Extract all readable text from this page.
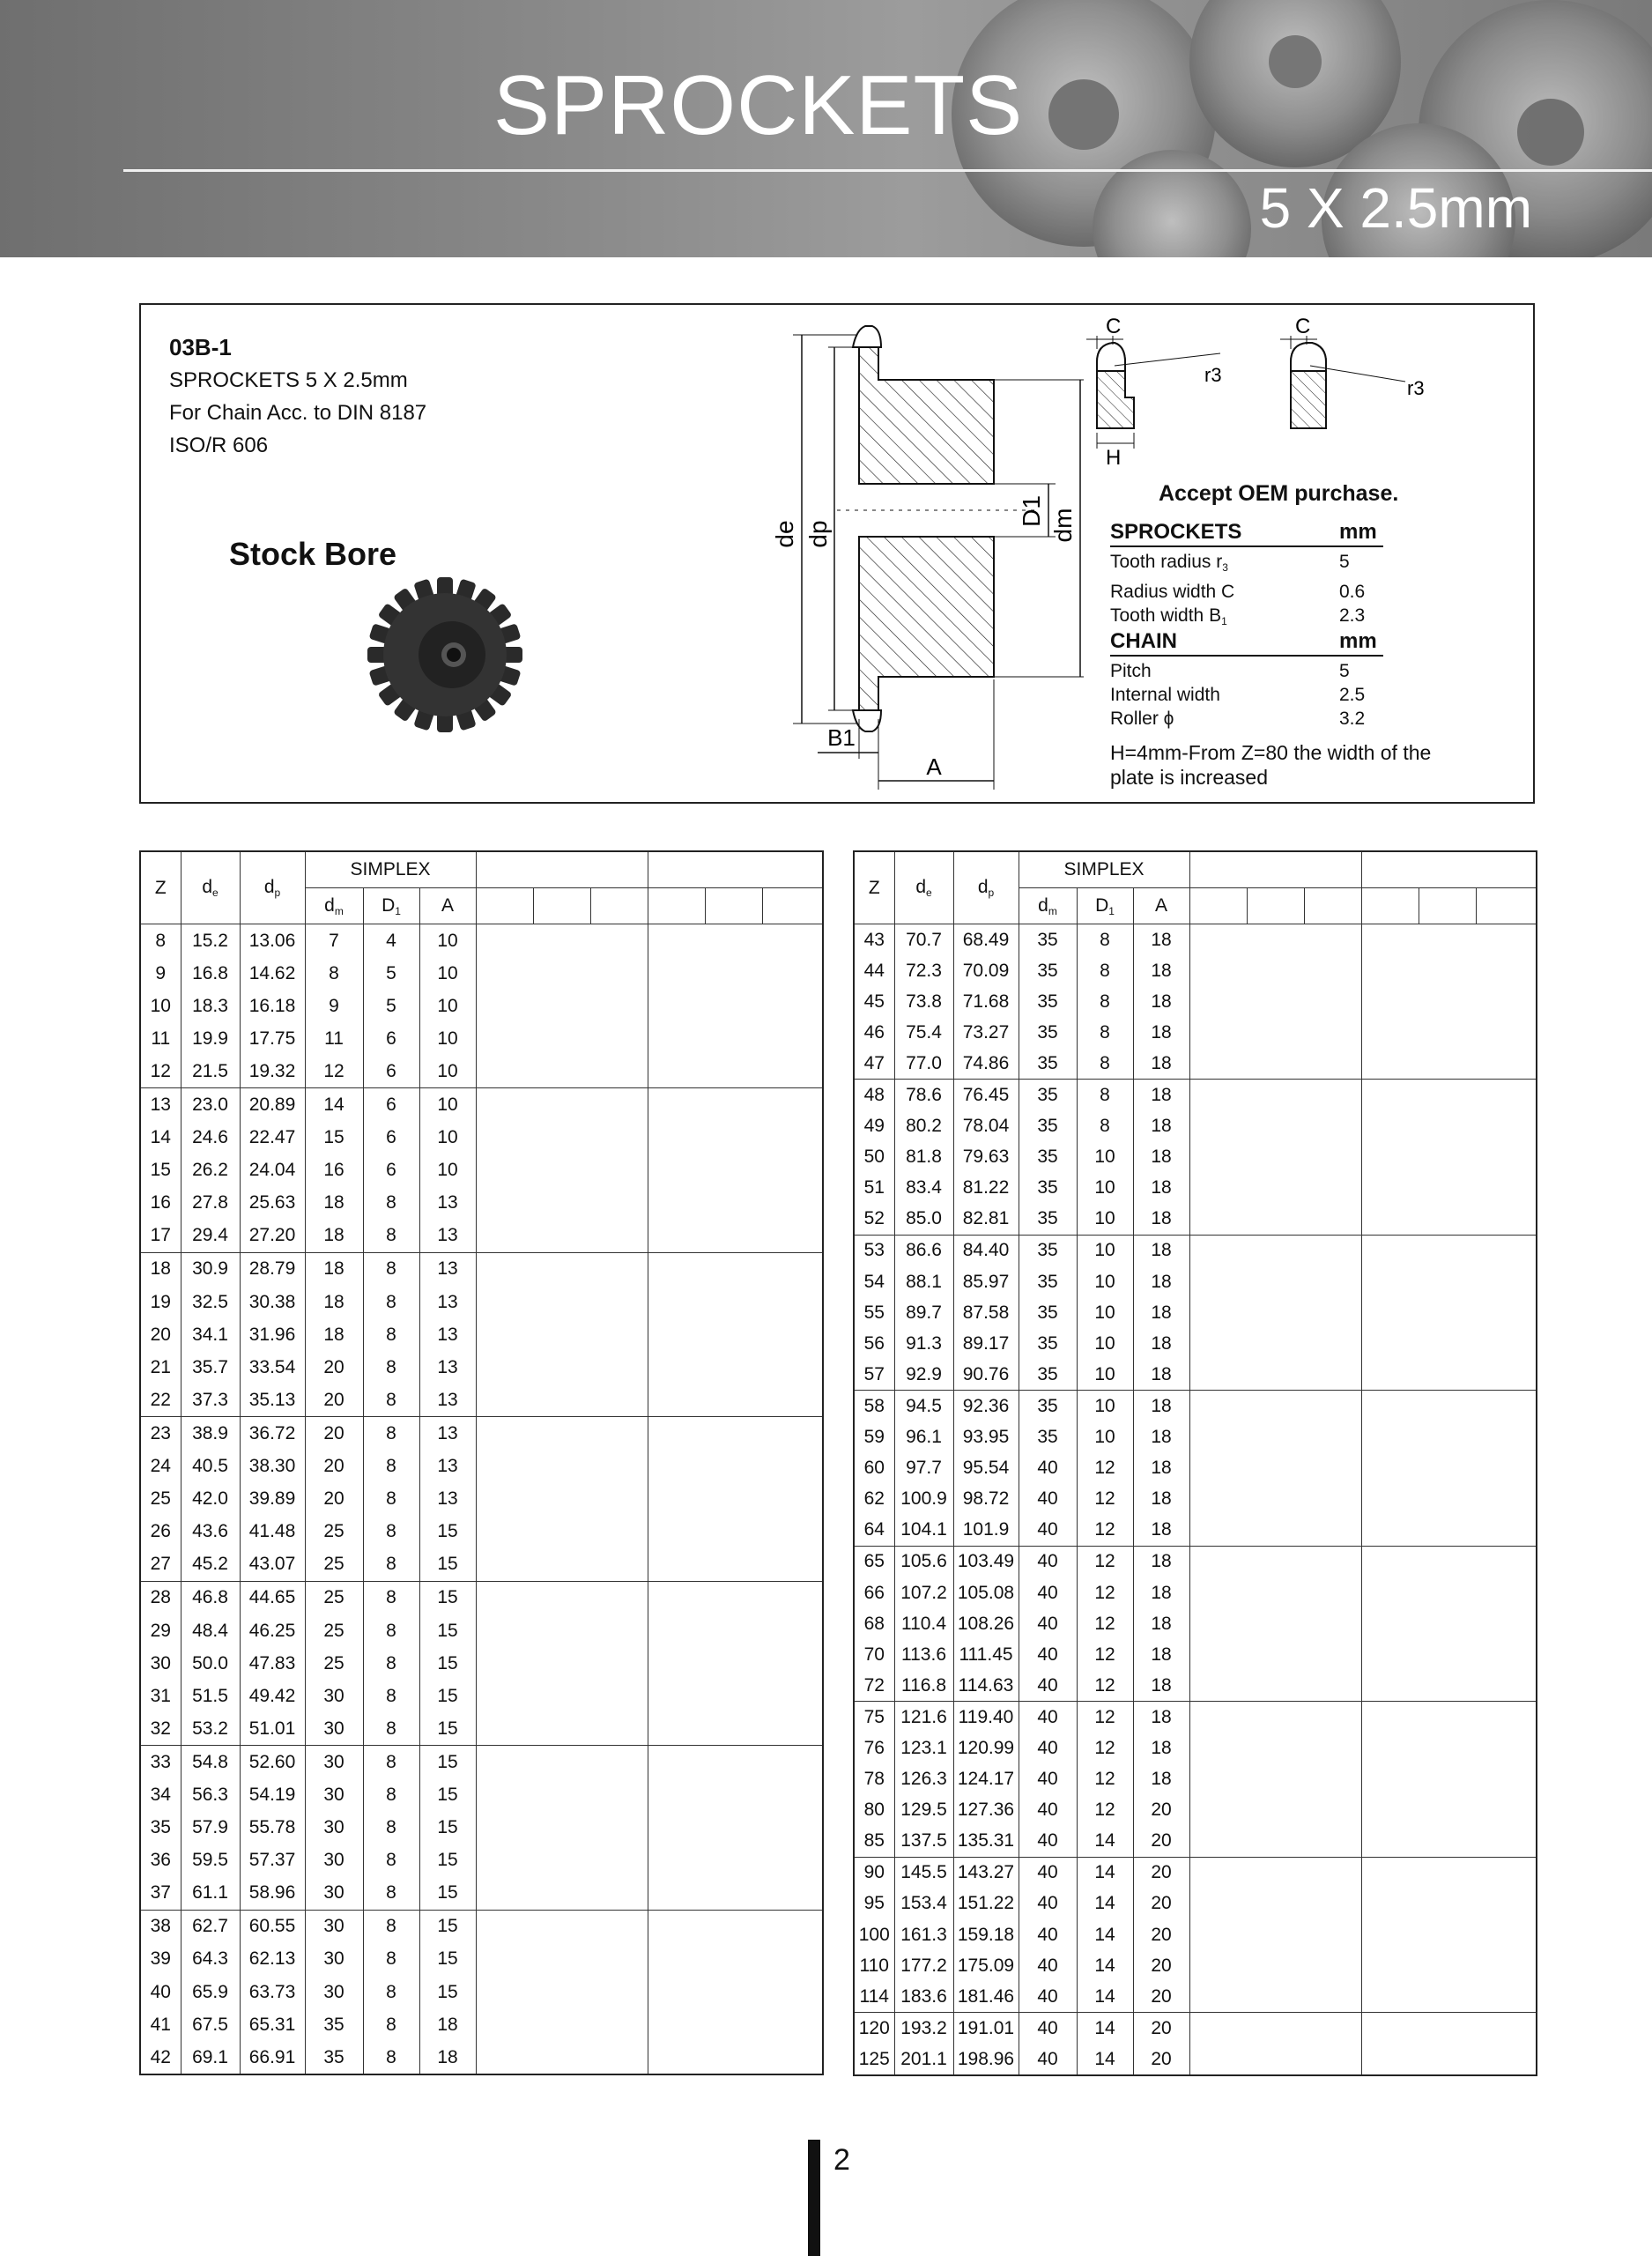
SPROCKETS
5 X 2.5mm
03B-1
SPROCKETS 5 X 2.5mm
For Chain Acc. to DIN 8187
ISO/R 606
Stock Bore
de dp
D1 dm
B1
A
C
r3
H
C
r3
Accept OEM purchase.
SPROCKETS	mm
Tooth radius $r_3$	5
Radius width C	0.6
Tooth width $B_1$	2.3
CHAIN	mm
Pitch	5
Internal width	2.5
Roller ϕ	3.2
H=4mm-From Z=80 the width of the plate is increased
Z	$d_e$	$d_p$	SIMPLEX								
			$d_m$	$D_1$	A						
8	15.2	13.06	7	4	10						
9	16.8	14.62	8	5	10						
10	18.3	16.18	9	5	10						
11	19.9	17.75	11	6	10						
12	21.5	19.32	12	6	10						
13	23.0	20.89	14	6	10						
14	24.6	22.47	15	6	10						
15	26.2	24.04	16	6	10						
16	27.8	25.63	18	8	13						
17	29.4	27.20	18	8	13						
18	30.9	28.79	18	8	13						
19	32.5	30.38	18	8	13						
20	34.1	31.96	18	8	13						
21	35.7	33.54	20	8	13						
22	37.3	35.13	20	8	13						
23	38.9	36.72	20	8	13						
24	40.5	38.30	20	8	13						
25	42.0	39.89	20	8	13						
26	43.6	41.48	25	8	15						
27	45.2	43.07	25	8	15						
28	46.8	44.65	25	8	15						
29	48.4	46.25	25	8	15						
30	50.0	47.83	25	8	15						
31	51.5	49.42	30	8	15						
32	53.2	51.01	30	8	15						
33	54.8	52.60	30	8	15						
34	56.3	54.19	30	8	15						
35	57.9	55.78	30	8	15						
36	59.5	57.37	30	8	15						
37	61.1	58.96	30	8	15						
38	62.7	60.55	30	8	15						
39	64.3	62.13	30	8	15						
40	65.9	63.73	30	8	15						
41	67.5	65.31	35	8	18						
42	69.1	66.91	35	8	18						
Z	$d_e$	$d_p$	SIMPLEX								
			$d_m$	$D_1$	A						
43	70.7	68.49	35	8	18						
44	72.3	70.09	35	8	18						
45	73.8	71.68	35	8	18						
46	75.4	73.27	35	8	18						
47	77.0	74.86	35	8	18						
48	78.6	76.45	35	8	18						
49	80.2	78.04	35	8	18						
50	81.8	79.63	35	10	18						
51	83.4	81.22	35	10	18						
52	85.0	82.81	35	10	18						
53	86.6	84.40	35	10	18						
54	88.1	85.97	35	10	18						
55	89.7	87.58	35	10	18						
56	91.3	89.17	35	10	18						
57	92.9	90.76	35	10	18						
58	94.5	92.36	35	10	18						
59	96.1	93.95	35	10	18						
60	97.7	95.54	40	12	18						
62	100.9	98.72	40	12	18						
64	104.1	101.9	40	12	18						
65	105.6	103.49	40	12	18						
66	107.2	105.08	40	12	18						
68	110.4	108.26	40	12	18						
70	113.6	111.45	40	12	18						
72	116.8	114.63	40	12	18						
75	121.6	119.40	40	12	18						
76	123.1	120.99	40	12	18						
78	126.3	124.17	40	12	18						
80	129.5	127.36	40	12	20						
85	137.5	135.31	40	14	20						
90	145.5	143.27	40	14	20						
95	153.4	151.22	40	14	20						
100	161.3	159.18	40	14	20						
110	177.2	175.09	40	14	20						
114	183.6	181.46	40	14	20						
120	193.2	191.01	40	14	20						
125	201.1	198.96	40	14	20						
2
